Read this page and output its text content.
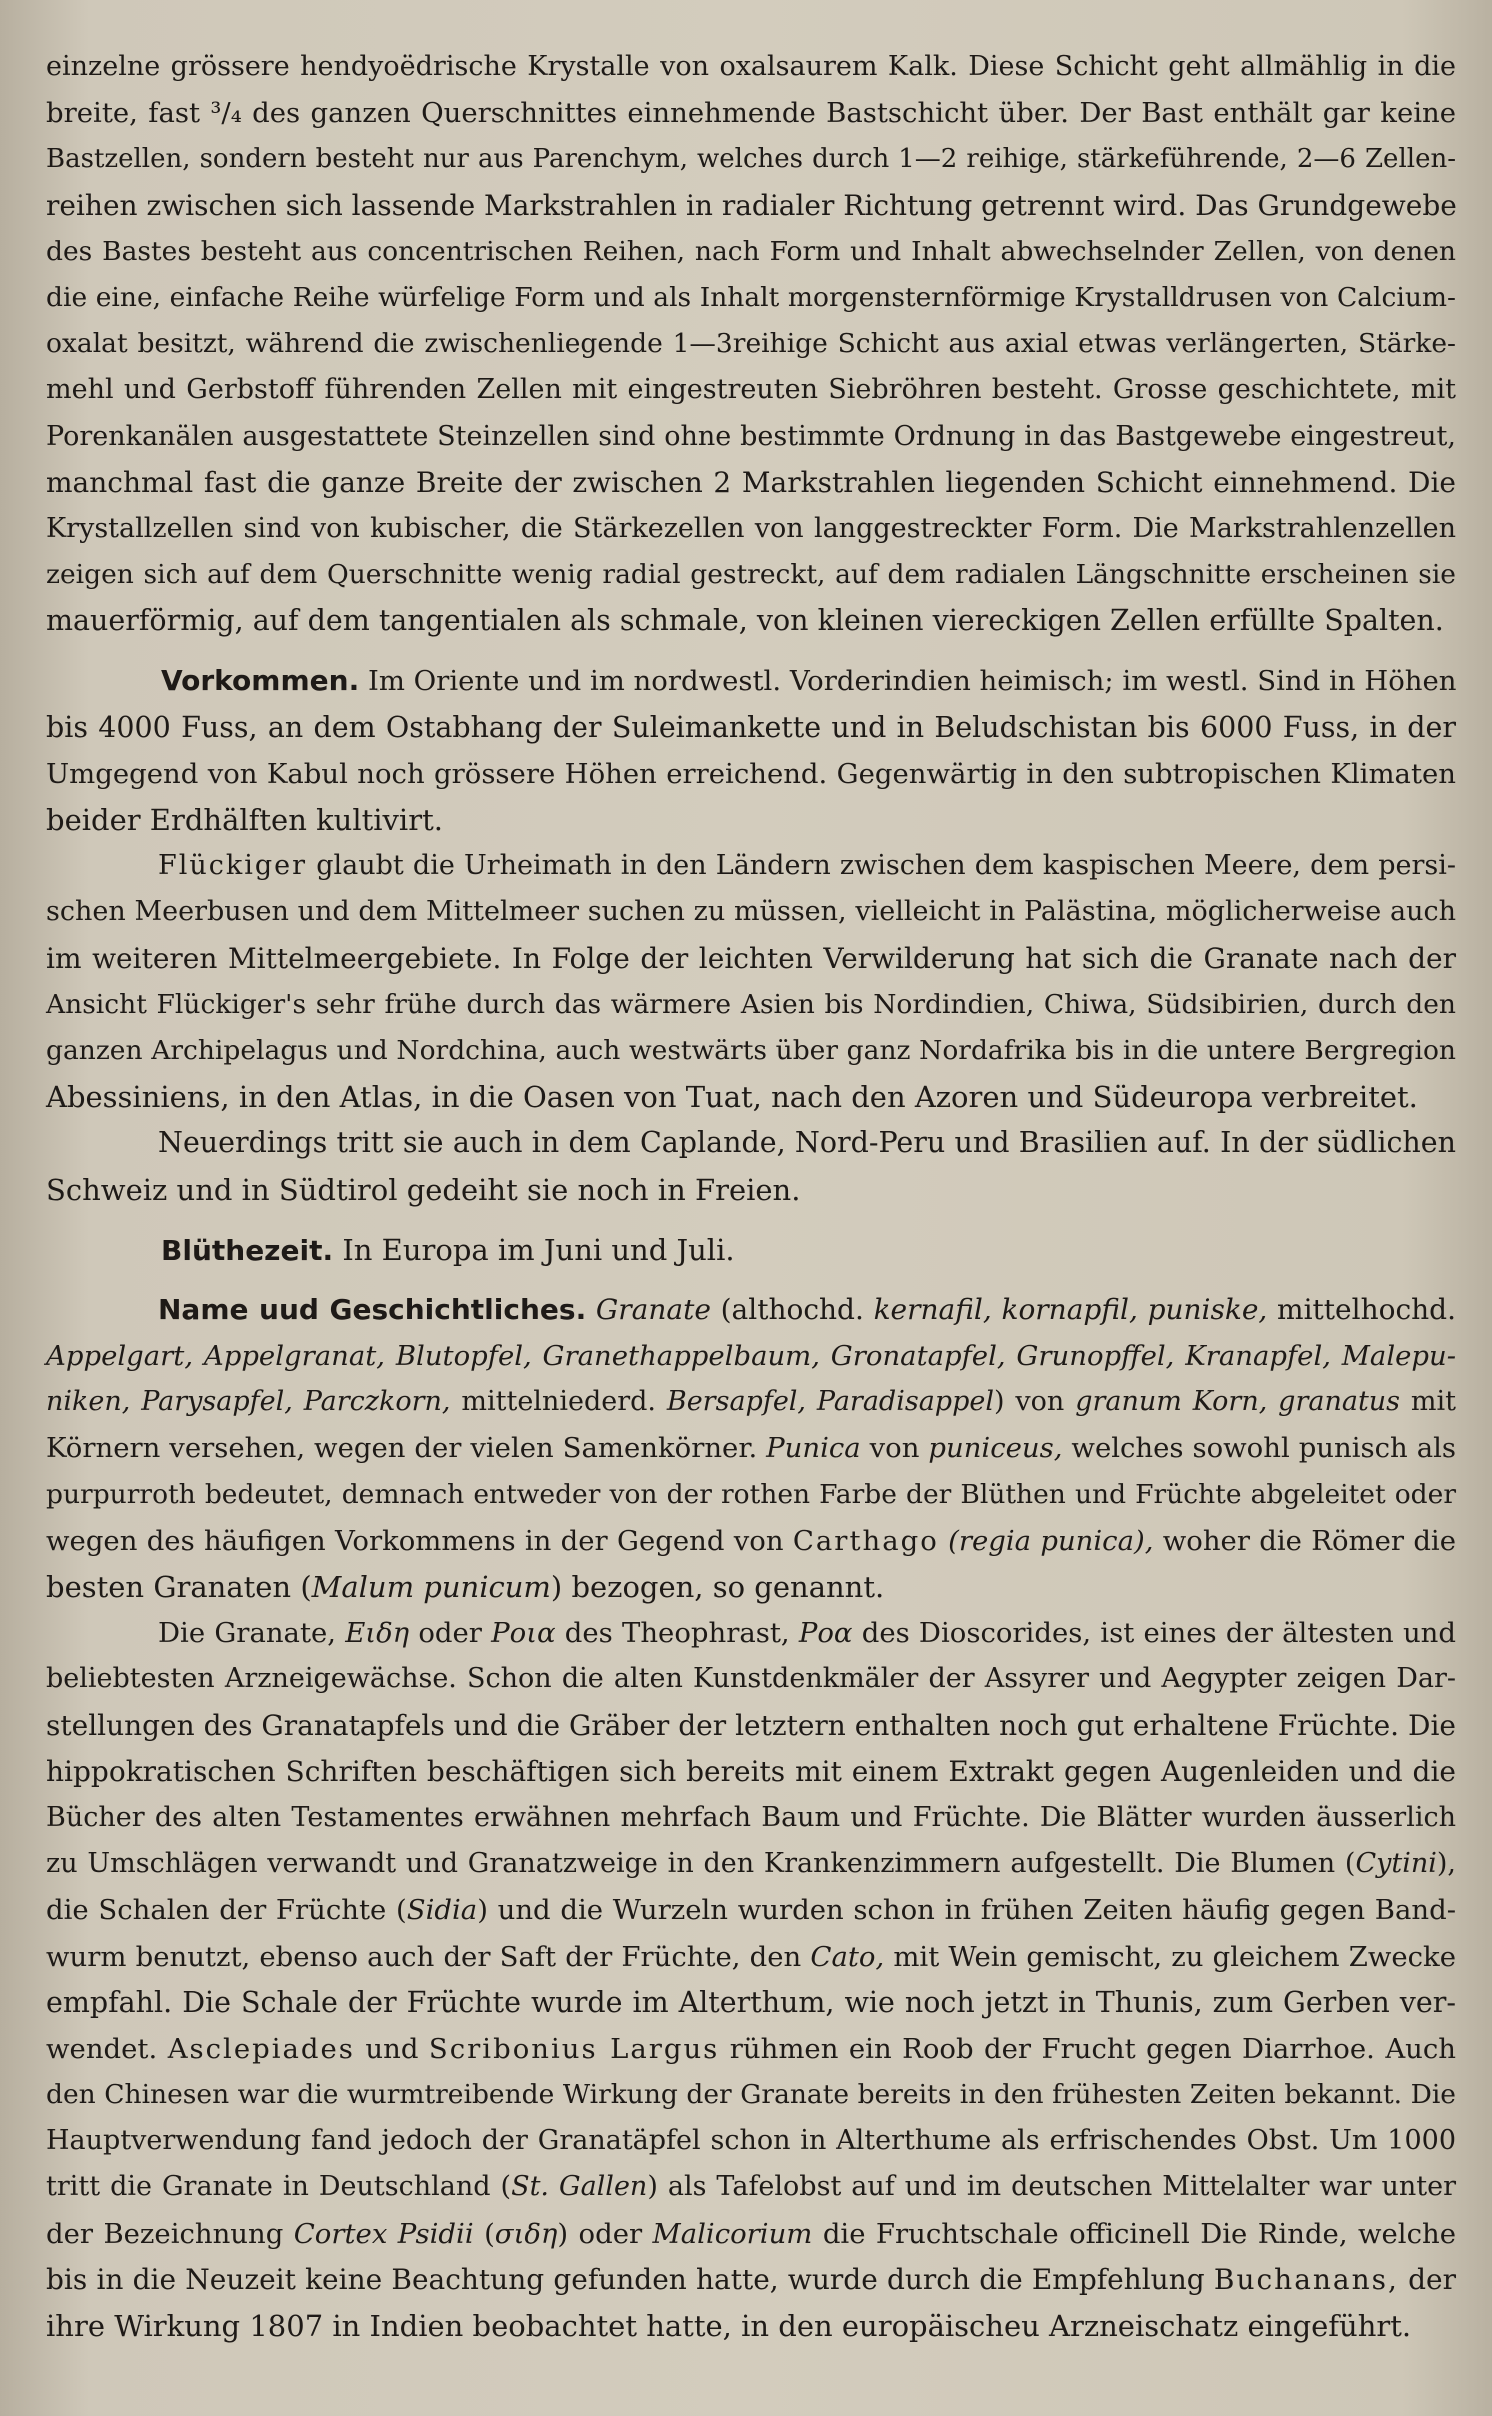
einzelne grössere hendyoëdrische Krystalle von oxalsaurem Kalk. Diese Schicht geht allmählig in die
breite, fast ³/₄ des ganzen Querschnittes einnehmende Bastschicht über. Der Bast enthält gar keine
Bastzellen, sondern besteht nur aus Parenchym, welches durch 1—2 reihige, stärkeführende, 2—6 Zellen-
reihen zwischen sich lassende Markstrahlen in radialer Richtung getrennt wird. Das Grundgewebe
des Bastes besteht aus concentrischen Reihen, nach Form und Inhalt abwechselnder Zellen, von denen
die eine, einfache Reihe würfelige Form und als Inhalt morgensternförmige Krystalldrusen von Calcium-
oxalat besitzt, während die zwischenliegende 1—3reihige Schicht aus axial etwas verlängerten, Stärke-
mehl und Gerbstoff führenden Zellen mit eingestreuten Siebröhren besteht. Grosse geschichtete, mit
Porenkanälen ausgestattete Steinzellen sind ohne bestimmte Ordnung in das Bastgewebe eingestreut,
manchmal fast die ganze Breite der zwischen 2 Markstrahlen liegenden Schicht einnehmend. Die
Krystallzellen sind von kubischer, die Stärkezellen von langgestreckter Form. Die Markstrahlenzellen
zeigen sich auf dem Querschnitte wenig radial gestreckt, auf dem radialen Längschnitte erscheinen sie
mauerförmig, auf dem tangentialen als schmale, von kleinen viereckigen Zellen erfüllte Spalten.
Vorkommen. Im Oriente und im nordwestl. Vorderindien heimisch; im westl. Sind in Höhen
bis 4000 Fuss, an dem Ostabhang der Suleimankette und in Beludschistan bis 6000 Fuss, in der
Umgegend von Kabul noch grössere Höhen erreichend. Gegenwärtig in den subtropischen Klimaten
beider Erdhälften kultivirt.
Flückiger glaubt die Urheimath in den Ländern zwischen dem kaspischen Meere, dem persi-
schen Meerbusen und dem Mittelmeer suchen zu müssen, vielleicht in Palästina, möglicherweise auch
im weiteren Mittelmeergebiete. In Folge der leichten Verwilderung hat sich die Granate nach der
Ansicht Flückiger's sehr frühe durch das wärmere Asien bis Nordindien, Chiwa, Südsibirien, durch den
ganzen Archipelagus und Nordchina, auch westwärts über ganz Nordafrika bis in die untere Bergregion
Abessiniens, in den Atlas, in die Oasen von Tuat, nach den Azoren und Südeuropa verbreitet.
Neuerdings tritt sie auch in dem Caplande, Nord-Peru und Brasilien auf. In der südlichen
Schweiz und in Südtirol gedeiht sie noch in Freien.
Blüthezeit. In Europa im Juni und Juli.
Name uud Geschichtliches. Granate (althochd. kernafil, kornapfil, puniske, mittelhochd.
Appelgart, Appelgranat, Blutopfel, Granethappelbaum, Gronatapfel, Grunopffel, Kranapfel, Malepu-
niken, Parysapfel, Parczkorn, mittelniederd. Bersapfel, Paradisappel) von granum Korn, granatus mit
Körnern versehen, wegen der vielen Samenkörner. Punica von puniceus, welches sowohl punisch als
purpurroth bedeutet, demnach entweder von der rothen Farbe der Blüthen und Früchte abgeleitet oder
wegen des häufigen Vorkommens in der Gegend von Carthago (regia punica), woher die Römer die
besten Granaten (Malum punicum) bezogen, so genannt.
Die Granate, Ειδη oder Ροια des Theophrast, Ροα des Dioscorides, ist eines der ältesten und
beliebtesten Arzneigewächse. Schon die alten Kunstdenkmäler der Assyrer und Aegypter zeigen Dar-
stellungen des Granatapfels und die Gräber der letztern enthalten noch gut erhaltene Früchte. Die
hippokratischen Schriften beschäftigen sich bereits mit einem Extrakt gegen Augenleiden und die
Bücher des alten Testamentes erwähnen mehrfach Baum und Früchte. Die Blätter wurden äusserlich
zu Umschlägen verwandt und Granatzweige in den Krankenzimmern aufgestellt. Die Blumen (Cytini),
die Schalen der Früchte (Sidia) und die Wurzeln wurden schon in frühen Zeiten häufig gegen Band-
wurm benutzt, ebenso auch der Saft der Früchte, den Cato, mit Wein gemischt, zu gleichem Zwecke
empfahl. Die Schale der Früchte wurde im Alterthum, wie noch jetzt in Thunis, zum Gerben ver-
wendet. Asclepiades und Scribonius Largus rühmen ein Roob der Frucht gegen Diarrhoe. Auch
den Chinesen war die wurmtreibende Wirkung der Granate bereits in den frühesten Zeiten bekannt. Die
Hauptverwendung fand jedoch der Granatäpfel schon in Alterthume als erfrischendes Obst. Um 1000
tritt die Granate in Deutschland (St. Gallen) als Tafelobst auf und im deutschen Mittelalter war unter
der Bezeichnung Cortex Psidii (σιδη) oder Malicorium die Fruchtschale officinell Die Rinde, welche
bis in die Neuzeit keine Beachtung gefunden hatte, wurde durch die Empfehlung Buchanans, der
ihre Wirkung 1807 in Indien beobachtet hatte, in den europäischeu Arzneischatz eingeführt.
